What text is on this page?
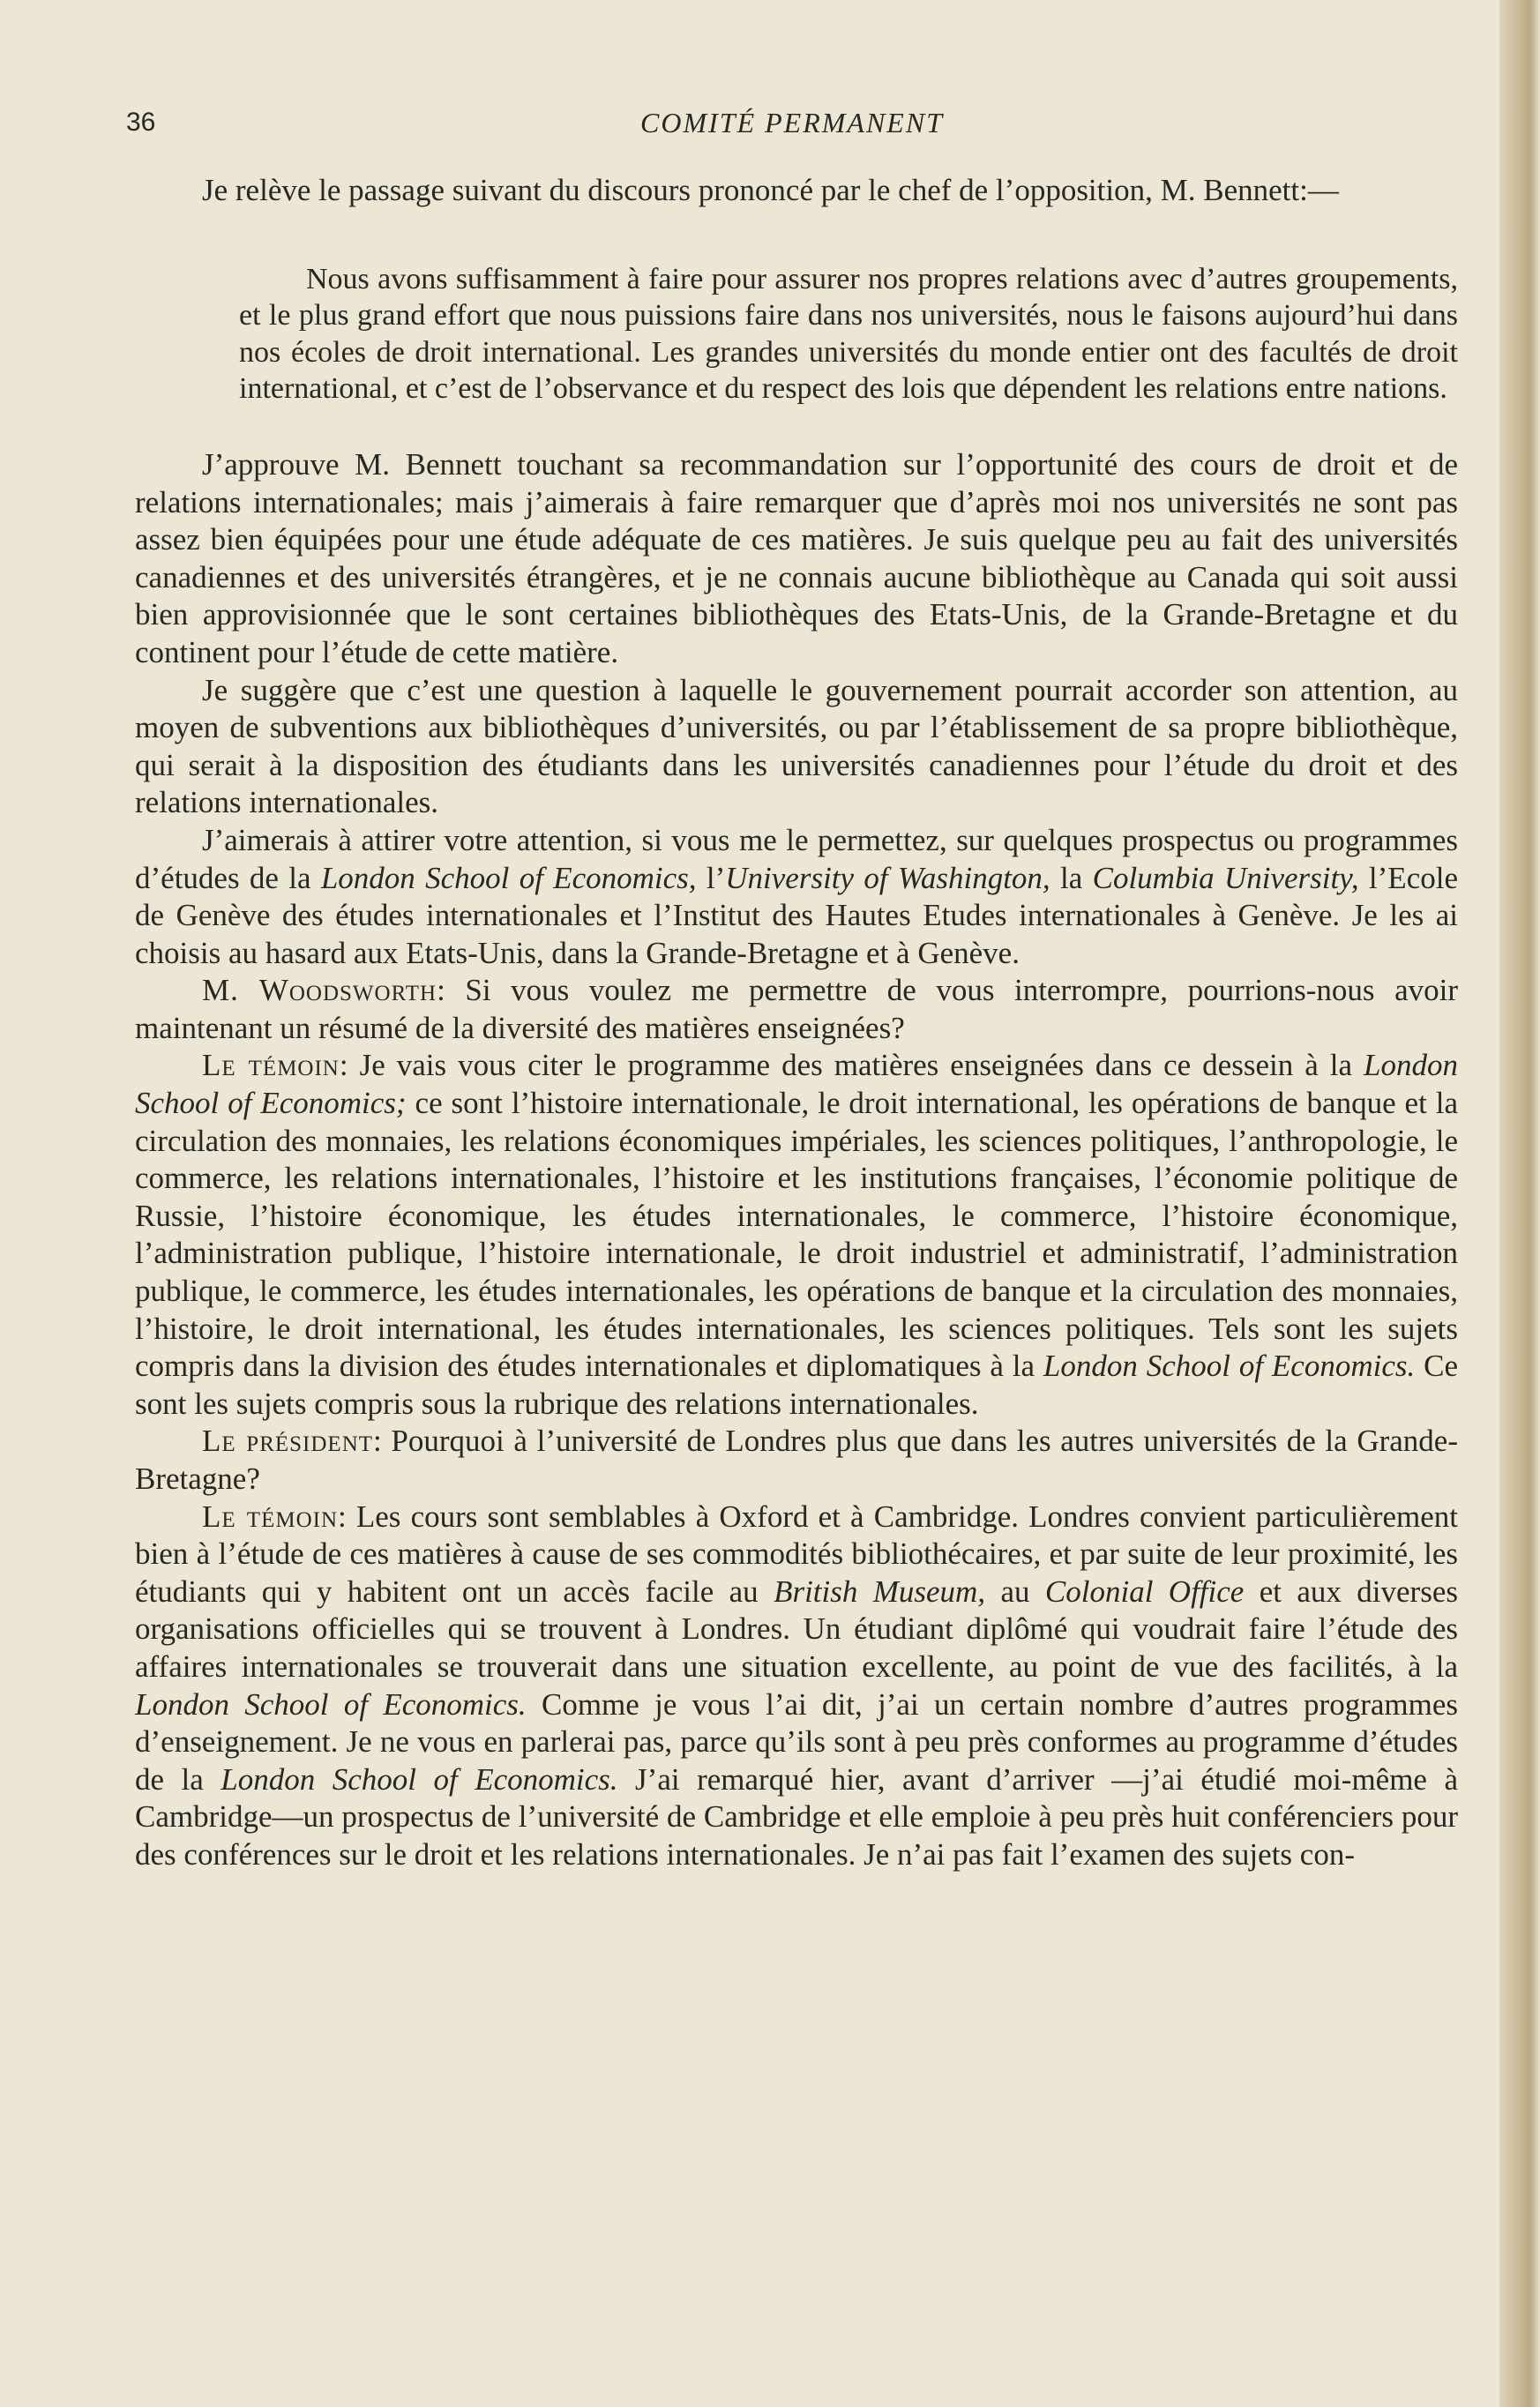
36	COMITÉ PERMANENT

Je relève le passage suivant du discours prononcé par le chef de l’opposition, M. Bennett:—

Nous avons suffisamment à faire pour assurer nos propres relations avec d’autres groupements, et le plus grand effort que nous puissions faire dans nos universités, nous le faisons aujourd’hui dans nos écoles de droit international. Les grandes universités du monde entier ont des facultés de droit international, et c’est de l’observance et du respect des lois que dépendent les relations entre nations.

J’approuve M. Bennett touchant sa recommandation sur l’opportunité des cours de droit et de relations internationales; mais j’aimerais à faire remarquer que d’après moi nos universités ne sont pas assez bien équipées pour une étude adéquate de ces matières. Je suis quelque peu au fait des universités canadiennes et des universités étrangères, et je ne connais aucune bibliothèque au Canada qui soit aussi bien approvisionnée que le sont certaines bibliothèques des Etats-Unis, de la Grande-Bretagne et du continent pour l’étude de cette matière.

Je suggère que c’est une question à laquelle le gouvernement pourrait accorder son attention, au moyen de subventions aux bibliothèques d’universités, ou par l’établissement de sa propre bibliothèque, qui serait à la disposition des étudiants dans les universités canadiennes pour l’étude du droit et des relations internationales.

J’aimerais à attirer votre attention, si vous me le permettez, sur quelques prospectus ou programmes d’études de la London School of Economics, l’University of Washington, la Columbia University, l’Ecole de Genève des études internationales et l’Institut des Hautes Etudes internationales à Genève. Je les ai choisis au hasard aux Etats-Unis, dans la Grande-Bretagne et à Genève.

M. Woodsworth: Si vous voulez me permettre de vous interrompre, pourrions-nous avoir maintenant un résumé de la diversité des matières enseignées?

Le témoin: Je vais vous citer le programme des matières enseignées dans ce dessein à la London School of Economics; ce sont l’histoire internationale, le droit international, les opérations de banque et la circulation des monnaies, les relations économiques impériales, les sciences politiques, l’anthropologie, le commerce, les relations internationales, l’histoire et les institutions françaises, l’économie politique de Russie, l’histoire économique, les études internationales, le commerce, l’histoire économique, l’administration publique, l’histoire internationale, le droit industriel et administratif, l’administration publique, le commerce, les études internationales, les opérations de banque et la circulation des monnaies, l’histoire, le droit international, les études internationales, les sciences politiques. Tels sont les sujets compris dans la division des études internationales et diplomatiques à la London School of Economics. Ce sont les sujets compris sous la rubrique des relations internationales.

Le président: Pourquoi à l’université de Londres plus que dans les autres universités de la Grande-Bretagne?

Le témoin: Les cours sont semblables à Oxford et à Cambridge. Londres convient particulièrement bien à l’étude de ces matières à cause de ses commodités bibliothécaires, et par suite de leur proximité, les étudiants qui y habitent ont un accès facile au British Museum, au Colonial Office et aux diverses organisations officielles qui se trouvent à Londres. Un étudiant diplômé qui voudrait faire l’étude des affaires internationales se trouverait dans une situation excellente, au point de vue des facilités, à la London School of Economics. Comme je vous l’ai dit, j’ai un certain nombre d’autres programmes d’enseignement. Je ne vous en parlerai pas, parce qu’ils sont à peu près conformes au programme d’études de la London School of Economics. J’ai remarqué hier, avant d’arriver —j’ai étudié moi-même à Cambridge—un prospectus de l’université de Cambridge et elle emploie à peu près huit conférenciers pour des conférences sur le droit et les relations internationales. Je n’ai pas fait l’examen des sujets con-
